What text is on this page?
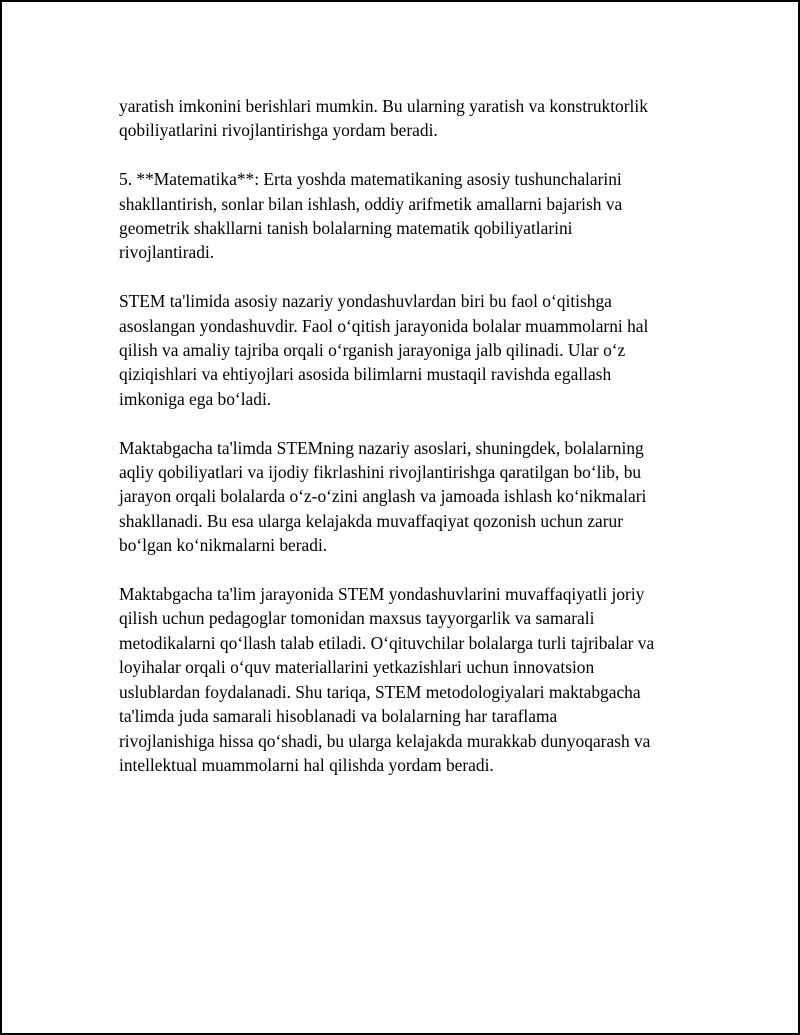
yaratish imkonini berishlari mumkin. Bu ularning yaratish va konstruktorlik
qobiliyatlarini rivojlantirishga yordam beradi.

5. **Matematika**: Erta yoshda matematikaning asosiy tushunchalarini
shakllantirish, sonlar bilan ishlash, oddiy arifmetik amallarni bajarish va
geometrik shakllarni tanish bolalarning matematik qobiliyatlarini
rivojlantiradi.

STEM ta'limida asosiy nazariy yondashuvlardan biri bu faol o‘qitishga
asoslangan yondashuvdir. Faol o‘qitish jarayonida bolalar muammolarni hal
qilish va amaliy tajriba orqali o‘rganish jarayoniga jalb qilinadi. Ular o‘z
qiziqishlari va ehtiyojlari asosida bilimlarni mustaqil ravishda egallash
imkoniga ega bo‘ladi.

Maktabgacha ta'limda STEMning nazariy asoslari, shuningdek, bolalarning
aqliy qobiliyatlari va ijodiy fikrlashini rivojlantirishga qaratilgan bo‘lib, bu
jarayon orqali bolalarda o‘z-o‘zini anglash va jamoada ishlash ko‘nikmalari
shakllanadi. Bu esa ularga kelajakda muvaffaqiyat qozonish uchun zarur
bo‘lgan ko‘nikmalarni beradi.

Maktabgacha ta'lim jarayonida STEM yondashuvlarini muvaffaqiyatli joriy
qilish uchun pedagoglar tomonidan maxsus tayyorgarlik va samarali
metodikalarni qo‘llash talab etiladi. O‘qituvchilar bolalarga turli tajribalar va
loyihalar orqali o‘quv materiallarini yetkazishlari uchun innovatsion
uslublardan foydalanadi. Shu tariqa, STEM metodologiyalari maktabgacha
ta'limda juda samarali hisoblanadi va bolalarning har taraflama
rivojlanishiga hissa qo‘shadi, bu ularga kelajakda murakkab dunyoqarash va
intellektual muammolarni hal qilishda yordam beradi.
